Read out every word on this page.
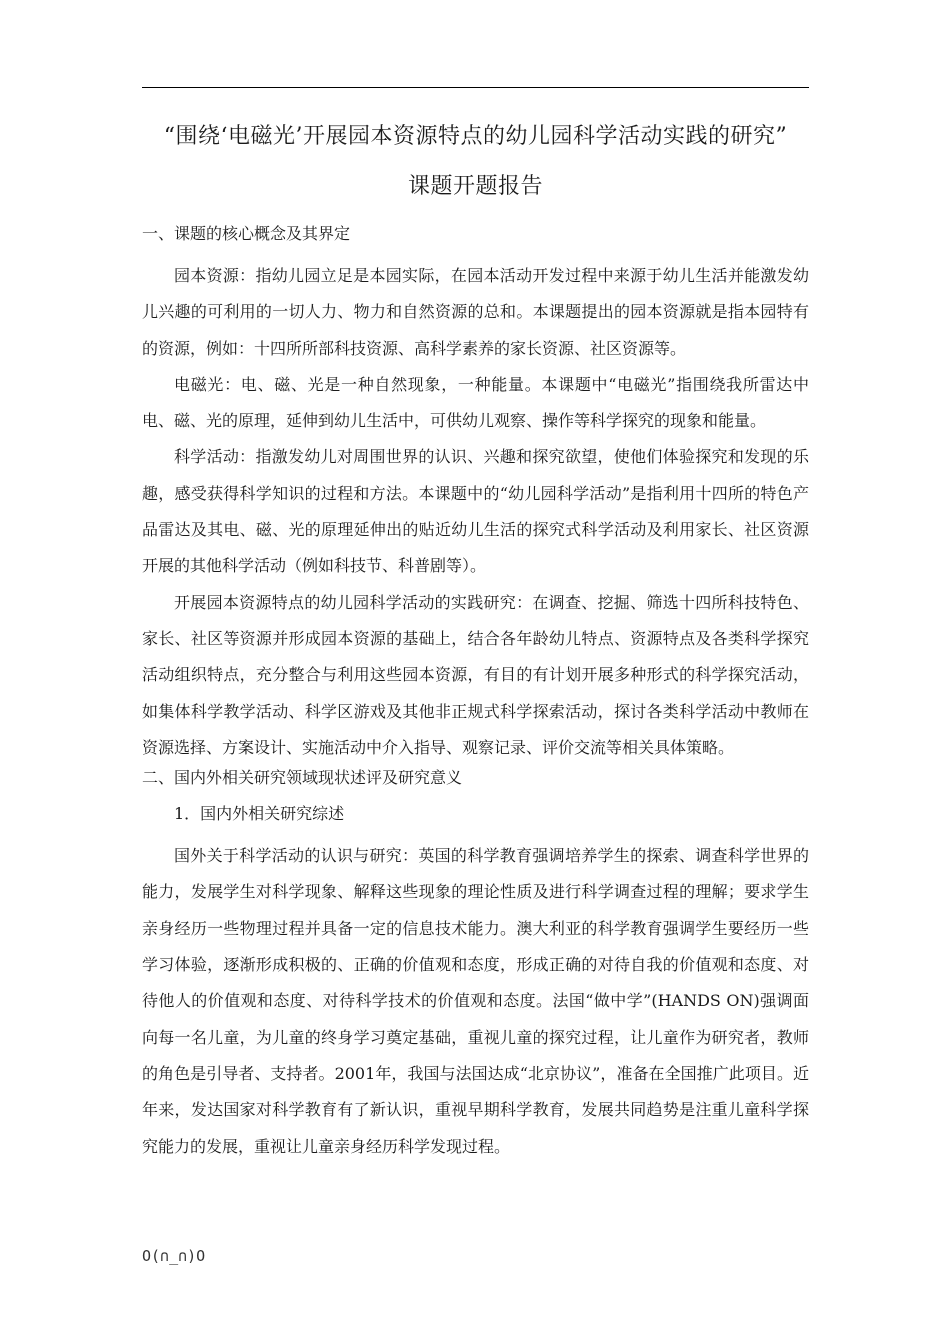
“围绕‘电磁光’开展园本资源特点的幼儿园科学活动实践的研究”
课题开题报告

一、课题的核心概念及其界定

园本资源：指幼儿园立足是本园实际，在园本活动开发过程中来源于幼儿生活并能激发幼儿兴趣的可利用的一切人力、物力和自然资源的总和。本课题提出的园本资源就是指本园特有的资源，例如：十四所所部科技资源、高科学素养的家长资源、社区资源等。

电磁光：电、磁、光是一种自然现象，一种能量。本课题中“电磁光”指围绕我所雷达中电、磁、光的原理，延伸到幼儿生活中，可供幼儿观察、操作等科学探究的现象和能量。

科学活动：指激发幼儿对周围世界的认识、兴趣和探究欲望，使他们体验探究和发现的乐趣，感受获得科学知识的过程和方法。本课题中的“幼儿园科学活动”是指利用十四所的特色产品雷达及其电、磁、光的原理延伸出的贴近幼儿生活的探究式科学活动及利用家长、社区资源开展的其他科学活动（例如科技节、科普剧等）。

开展园本资源特点的幼儿园科学活动的实践研究：在调查、挖掘、筛选十四所科技特色、家长、社区等资源并形成园本资源的基础上，结合各年龄幼儿特点、资源特点及各类科学探究活动组织特点，充分整合与利用这些园本资源，有目的有计划开展多种形式的科学探究活动，如集体科学教学活动、科学区游戏及其他非正规式科学探索活动，探讨各类科学活动中教师在资源选择、方案设计、实施活动中介入指导、观察记录、评价交流等相关具体策略。

二、国内外相关研究领域现状述评及研究意义

1．国内外相关研究综述

国外关于科学活动的认识与研究：英国的科学教育强调培养学生的探索、调查科学世界的能力，发展学生对科学现象、解释这些现象的理论性质及进行科学调查过程的理解；要求学生亲身经历一些物理过程并具备一定的信息技术能力。澳大利亚的科学教育强调学生要经历一些学习体验，逐渐形成积极的、正确的价值观和态度，形成正确的对待自我的价值观和态度、对待他人的价值观和态度、对待科学技术的价值观和态度。法国“做中学”(HANDS ON)强调面向每一名儿童，为儿童的终身学习奠定基础，重视儿童的探究过程，让儿童作为研究者，教师的角色是引导者、支持者。2001年，我国与法国达成“北京协议”，准备在全国推广此项目。近年来，发达国家对科学教育有了新认识，重视早期科学教育，发展共同趋势是注重儿童科学探究能力的发展，重视让儿童亲身经历科学发现过程。

O(∩_∩)O
